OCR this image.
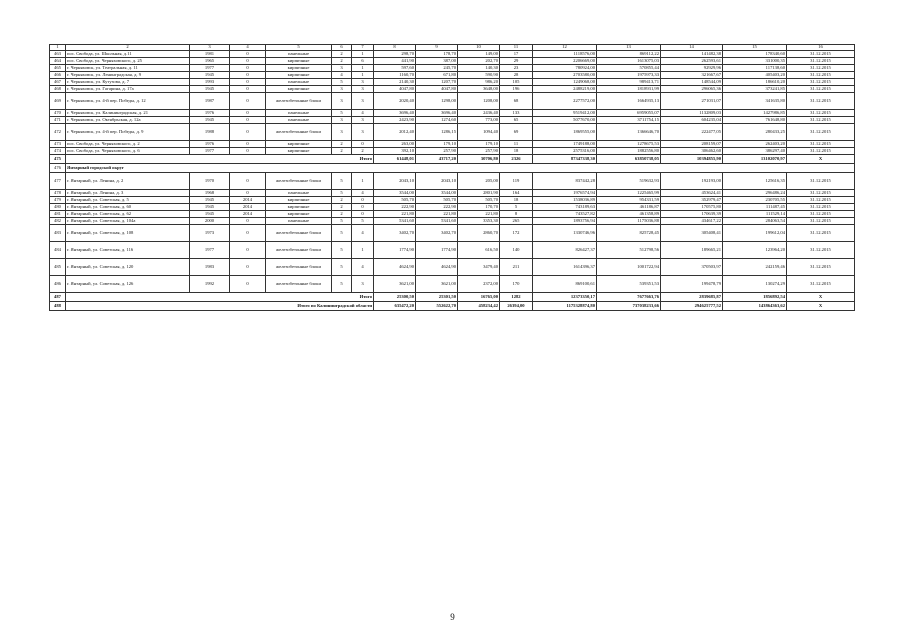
1	2	3	4	5	6	7	8	9	10	11	12	13	14	15	16
463	пос. Свобода, ул. Школьная, д.11	1981	0	панельные	2	1	298,70	178,70	149,00	17	1118576,00	869112,22	141482,38	178340,60	31.12.2015
464	пос. Свобода, ул. Черняховского, д. 25	1965	0	кирпичные	2	6	441,90	387,00	202,70	29	2206669,00	1613075,03	262593,61	331000,35	31.12.2015
465	г. Черняховск, ул. Театральная, д. 11	1977	0	кирпичные	3	1	597,60	245,70	140,30	23	780924,00	570855,44	92929,96	117138,60	31.12.2015
466	г. Черняховск, ул. Ленинградская, д. 9	1945	0	кирпичные	4	1	1160,70	671,80	590,90	28	2703580,00	1975973,33	321667,67	405403,20	31.12.2015
467	г. Черняховск, ул. Кутузова, д. 7	1993	0	панельные	5	3	2140,30	1207,70	986,20	105	1249068,00	989413,71	148544,09	186610,20	31.12.2015
468	г. Черняховск, ул. Гагарина, д. 17а	1945	0	кирпичные	3	3	4047,80	4047,80	3648,00	196	2488219,00	1818931,99	296065,36	373241,85	31.12.2015
469	г. Черняховск, ул. 4-й пер. Победы, д. 12	1987	0	железобетонные блоки	3	3	2020,40	1298,00	1208,00	68	2277572,00	1664935,13	271031,07	341635,80	31.12.2015
470	г. Черняховск, ул. Калининградская, д. 21	1976	0	панельные	5	4	3696,40	3696,40	2436,40	133	9519412,00	6959055,07	1132809,03	1427986,85	31.12.2015
471	г. Черняховск, ул. Октябрьская, д. 12а	1945	0	панельные	3	3	2423,90	1274,60	773,00	65	5077670,00	3711754,15	604235,04	761648,80	31.12.2015
472	г. Черняховск, ул. 4-й пер. Победы, д. 9	1988	0	железобетонные блоки	3	3	2012,40	1286,15	1094,40	69	1869555,00	1366646,70	222477,05	280433,25	31.12.2015
473	пос. Свобода, ул. Черняховского, д. 2	1976	0	кирпичные	2	0	263,00	179,10	179,10	11	1749188,00	1278675,53	208159,07	262403,20	31.12.2015
474	пос. Свобода, ул. Черняховского, д. 6	1977	0	кирпичные	2	2	392,10	257,90	257,90	18	2575316,00	1882556,80	306462,60	386297,40	31.12.2015
475	Итого						61448,01	43717,20	30706,80	2326	87347338,30	63850738,05	10394855,90	13102070,97	X
476	Янтарный городской округ														
477	г. Янтарный, ул. Ленина, д. 2	1970	0	железобетонные блоки	5	1	2043,10	2043,10	205,00	119	837442,28	519632,93	192193,00	125616,35	31.12.2015
478	г. Янтарный, ул. Ленина, д. 3	1968	0	панельные	5	4	3544,00	3544,00	2801,90	164	1976574,94	1225465,99	453624,41	296486,24	31.12.2015
479	г. Янтарный, ул. Советская, д. 5	1945	2014	кирпичные	2	0	505,70	505,70	505,70	18	1538036,89	954331,59	352979,47	230705,55	31.12.2015
480	г. Янтарный, ул. Советская, д. 60	1945	2014	кирпичные	2	0	222,90	222,90	170,70	5	743189,63	461186,87	170575,80	111487,45	31.12.2015
481	г. Янтарный, ул. Советская, д. 62	1945	2014	кирпичные	2	0	221,80	221,80	221,80	8	743527,82	461358,89	170639,39	111529,14	31.12.2015
482	г. Янтарный, ул. Советская, д. 104а	2000	0	панельные	5	5	5341,60	5341,60	3353,30	265	1893756,94	1175036,88	434617,22	284063,54	31.12.2015
483	г. Янтарный, ул. Советская, д. 108	1973	0	железобетонные блоки	5	4	3402,70	3402,70	2860,70	172	1330746,96	825728,45	305408,41	199612,04	31.12.2015
484	г. Янтарный, ул. Советская, д. 116	1977	0	железобетонные блоки	5	1	1774,90	1774,90	616,50	140	826427,37	512798,56	189665,21	123964,20	31.12.2015
485	г. Янтарный, ул. Советская, д. 120	1983	0	железобетонные блоки	5	4	4624,90	4624,90	3479,40	211	1614396,37	1001722,94	370503,97	242159,46	31.12.2015
486	г. Янтарный, ул. Советская, д. 126	1992	0	железобетонные блоки	5	3	3621,00	3621,00	2372,00	170	869100,61	539351,53	199478,79	130274,29	31.12.2015
487	Итого						25300,50	25301,50	16765,00	1282	12373350,17	7677663,76	2839685,87	1856892,54	X
488	Итого по Калининградской области						635472,20	552622,70	458234,42	26394,00	1175328874,80	737038233,66	294625777,52	143864363,62	X
9
